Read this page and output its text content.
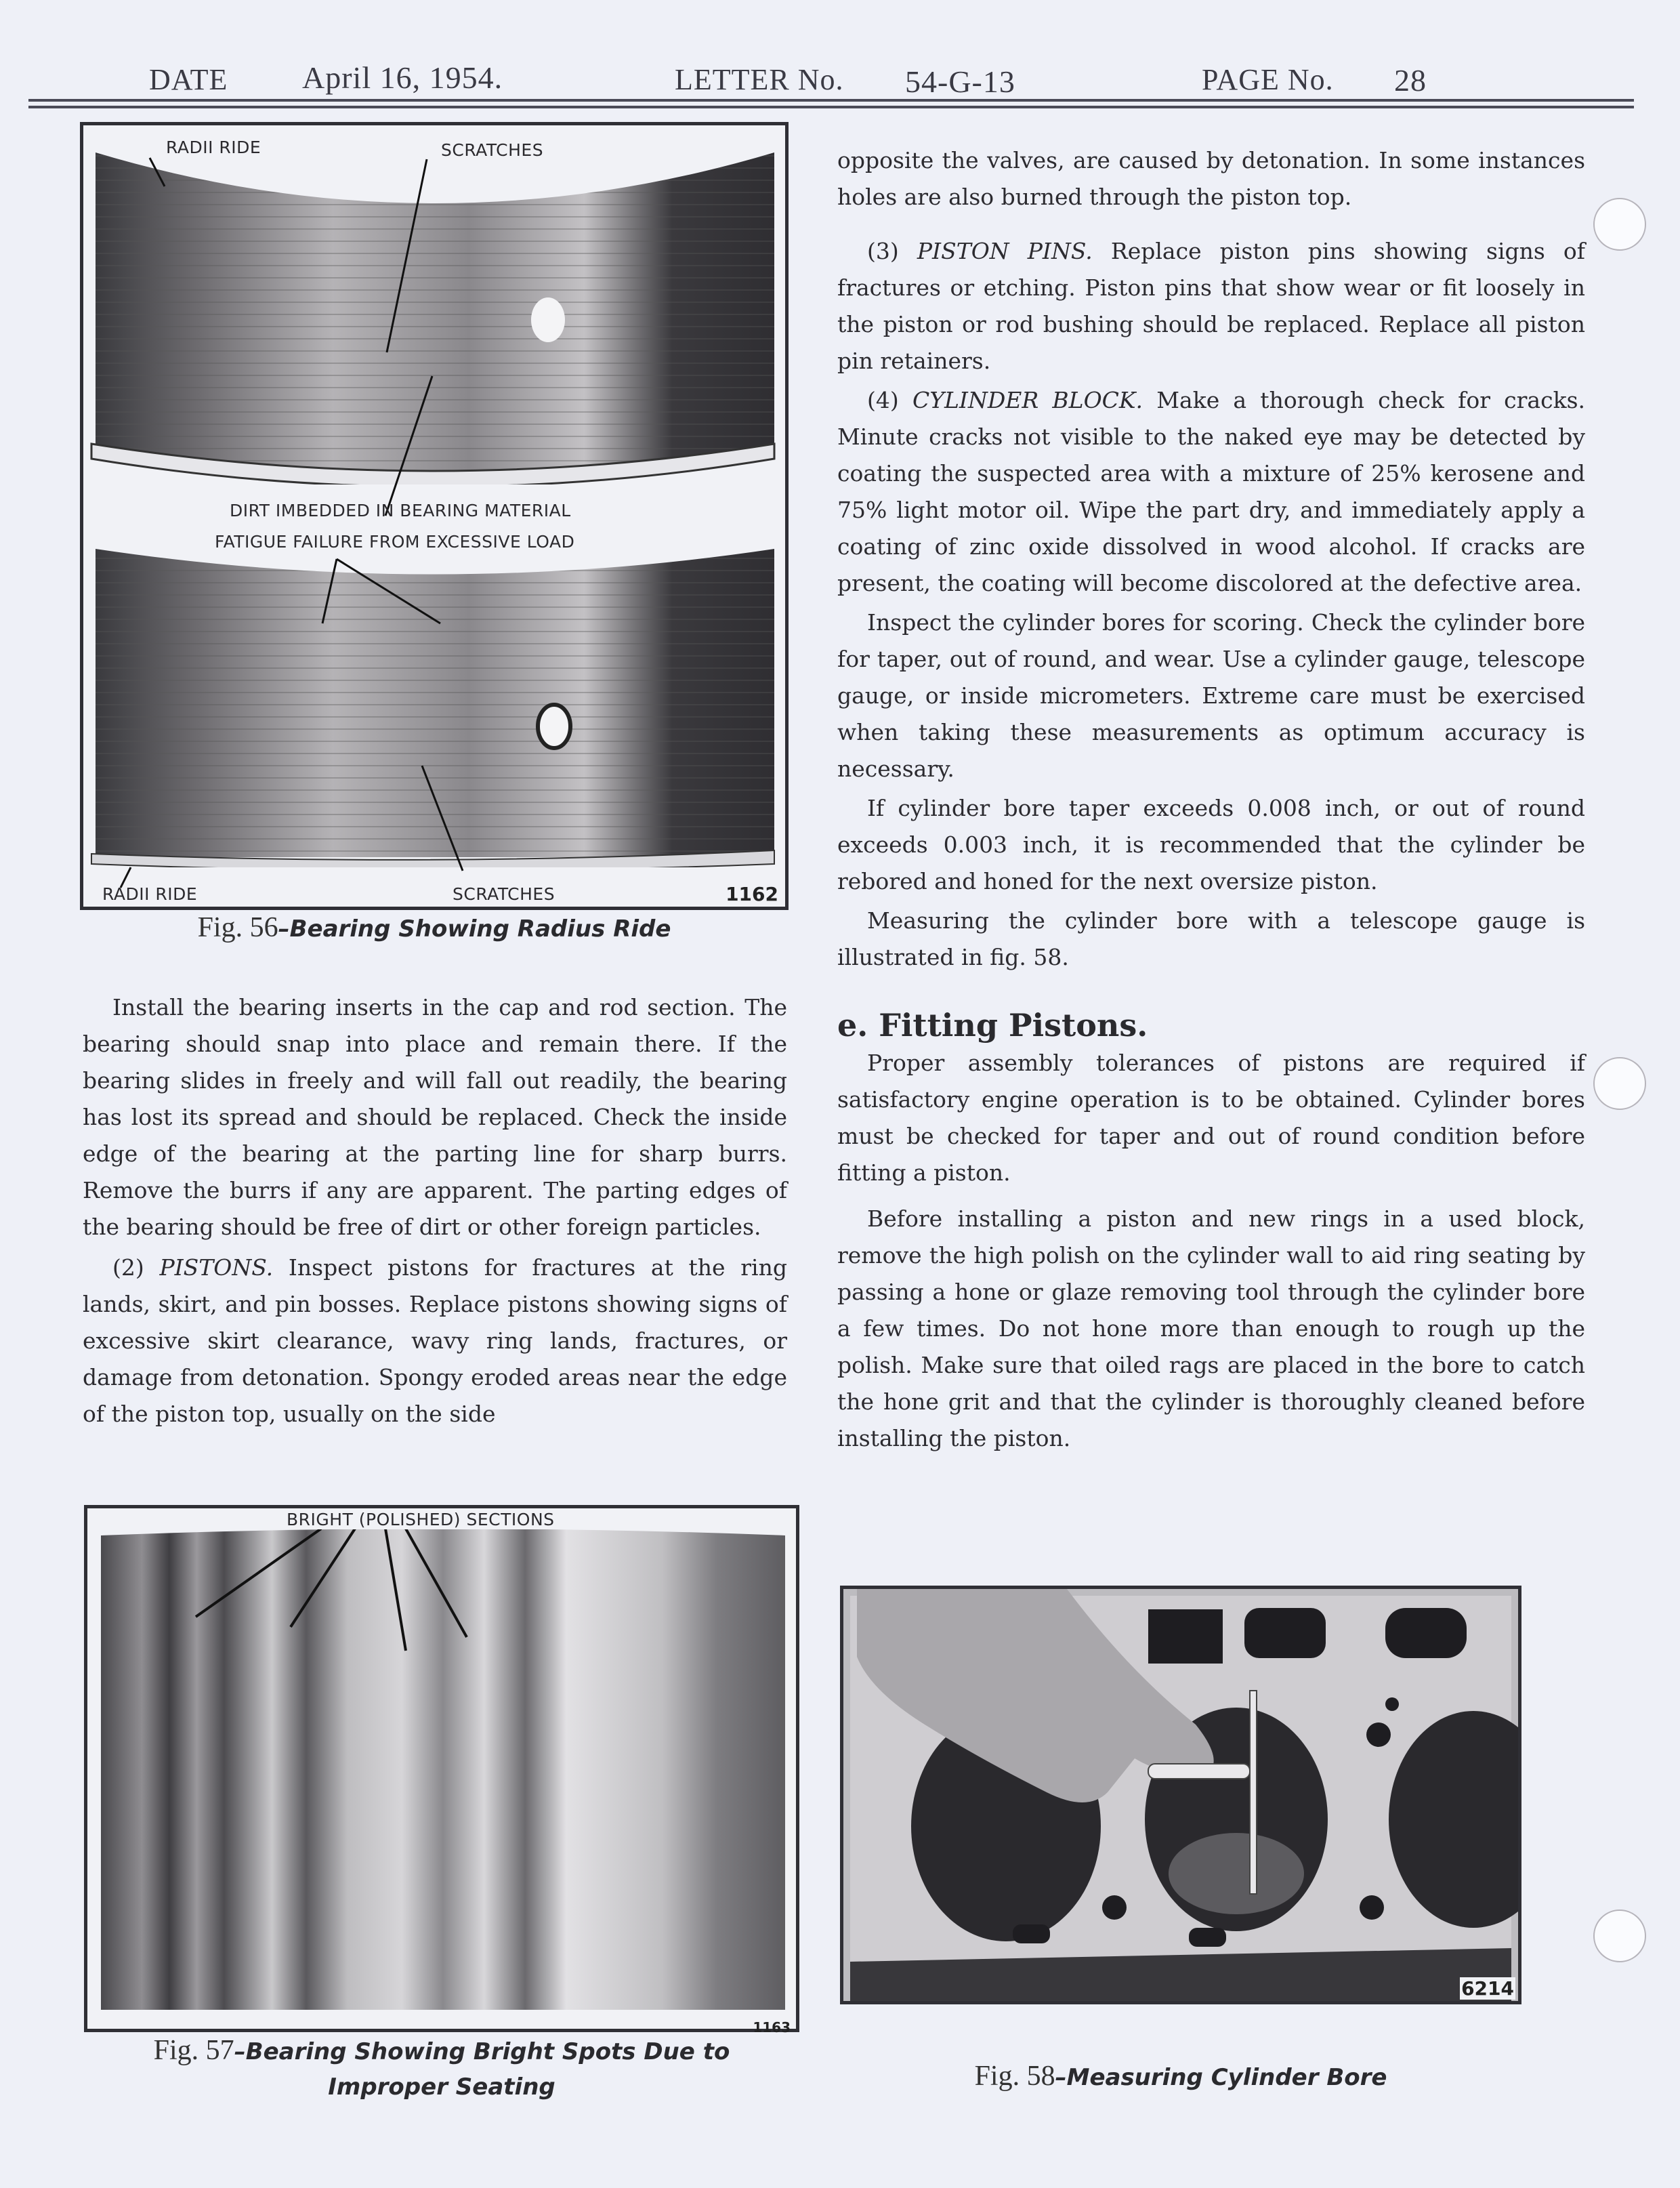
DATE April 16, 1954.	LETTER No. 54-G-13	PAGE No. 28
RADII RIDE	SCRATCHES
DIRT IMBEDDED IN BEARING MATERIAL
FATIGUE FAILURE FROM EXCESSIVE LOAD
RADII RIDE	SCRATCHES	1162
Fig. 56–Bearing Showing Radius Ride

Install the bearing inserts in the cap and rod section. The bearing should snap into place and remain there. If the bearing slides in freely and will fall out readily, the bearing has lost its spread and should be replaced. Check the inside edge of the bearing at the parting line for sharp burrs. Remove the burrs if any are apparent. The parting edges of the bearing should be free of dirt or other foreign particles.

(2) PISTONS. Inspect pistons for fractures at the ring lands, skirt, and pin bosses. Replace pistons showing signs of excessive skirt clearance, wavy ring lands, fractures, or damage from detonation. Spongy eroded areas near the edge of the piston top, usually on the side

BRIGHT (POLISHED) SECTIONS
1163
Fig. 57–Bearing Showing Bright Spots Due to
Improper Seating

opposite the valves, are caused by detonation. In some instances holes are also burned through the piston top.

(3) PISTON PINS. Replace piston pins showing signs of fractures or etching. Piston pins that show wear or fit loosely in the piston or rod bushing should be replaced. Replace all piston pin retainers.

(4) CYLINDER BLOCK. Make a thorough check for cracks. Minute cracks not visible to the naked eye may be detected by coating the suspected area with a mixture of 25% kerosene and 75% light motor oil. Wipe the part dry, and immediately apply a coating of zinc oxide dissolved in wood alcohol. If cracks are present, the coating will become discolored at the defective area.

Inspect the cylinder bores for scoring. Check the cylinder bore for taper, out of round, and wear. Use a cylinder gauge, telescope gauge, or inside micrometers. Extreme care must be exercised when taking these measurements as optimum accuracy is necessary.

If cylinder bore taper exceeds 0.008 inch, or out of round exceeds 0.003 inch, it is recommended that the cylinder be rebored and honed for the next oversize piston.

Measuring the cylinder bore with a telescope gauge is illustrated in fig. 58.

e. Fitting Pistons.

Proper assembly tolerances of pistons are required if satisfactory engine operation is to be obtained. Cylinder bores must be checked for taper and out of round condition before fitting a piston.

Before installing a piston and new rings in a used block, remove the high polish on the cylinder wall to aid ring seating by passing a hone or glaze removing tool through the cylinder bore a few times. Do not hone more than enough to rough up the polish. Make sure that oiled rags are placed in the bore to catch the hone grit and that the cylinder is thoroughly cleaned before installing the piston.

6214
Fig. 58–Measuring Cylinder Bore
